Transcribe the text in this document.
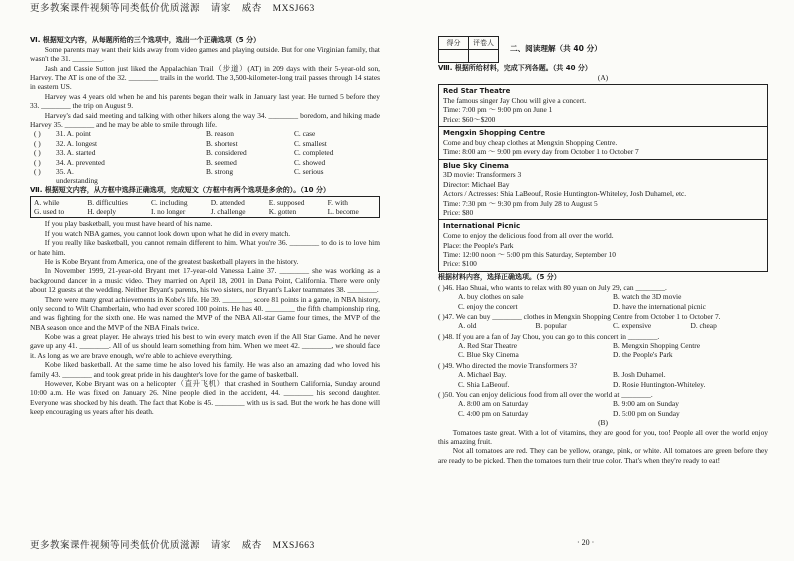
更多教案课件视频等同类低价优质滋源 请家 威杏 MXSJ663
Ⅵ. 根据短文内容，从每题所给的三个选项中，选出一个正确选项（5 分）

Some parents may want their kids away from video games and playing outside. But for one Virginian family, that wasn't the 31. ________.

Jash and Cassie Sutton just liked the Appalachian Trail（步道）(AT) in 209 days with their 5-year-old son, Harvey. The AT is one of the 32. ________ trails in the world. The 3,500-kilometer-long trail passes through 14 states in eastern US.

Harvey was 4 years old when he and his parents began their walk in January last year. He turned 5 before they 33. ________ the trip on August 9.

Harvey's dad said meeting and talking with other hikers along the way 34. ________ boredom, and hiking made Harvey 35. ________ and he may be able to smile through life.

( )	31. A. point	B. reason	C. case
( )	32. A. longest	B. shortest	C. smallest
( )	33. A. started	B. considered	C. completed
( )	34. A. prevented	B. seemed	C. showed
( )	35. A. understanding
B. strong	C. serious
Ⅶ. 根据短文内容，从方框中选择正确选项，完成短文（方框中有两个选项是多余的）。（10 分）
A. while	B. difficulties	C. including	D. attended	E. supposed	F. with
G. used to	H. deeply	I. no longer	J. challenge	K. gotten	L. become

If you play basketball, you must have heard of his name.

If you watch NBA games, you cannot look down upon what he did in every match.

If you really like basketball, you cannot remain different to him. What you're 36. ________ to do is to love him or hate him.

He is Kobe Bryant from America, one of the greatest basketball players in the history.

In November 1999, 21-year-old Bryant met 17-year-old Vanessa Laine 37. ________ she was working as a background dancer in a music video. They married on April 18, 2001 in Dana Point, California. There were only about 12 guests at the wedding. Neither Bryant's parents, his two sisters, nor Bryant's Laker teammates 38. ________.

There were many great achievements in Kobe's life. He 39. ________ score 81 points in a game, in NBA history, only second to Wilt Chamberlain, who had ever scored 100 points. He has 40. ________ the fifth championship ring, and was fighting for the sixth one. He was named the MVP of the NBA All-star Game four times, the MVP of the NBA season once and the MVP of the NBA Finals twice.

Kobe was a great player. He always tried his best to win every match even if the All Star Game. And he never gave up any 41. ________. All of us should learn something from him. When we meet 42. ________, we should face it. As long as we are brave enough, we're able to achieve everything.

Kobe liked basketball. At the same time he also loved his family. He was also an amazing dad who loved his family 43. ________ and took great pride in his daughter's love for the game of basketball.

However, Kobe Bryant was on a helicopter（直升飞机）that crashed in Southern California, Sunday around 10:00 a.m. He was fixed on January 26. Nine people died in the accident, 44. ________ his second daughter. Everyone was shocked by his death. The fact that Kobe is 45. ________ with us is sad. But the work he has done will keep encouraging us years after his death.

得分	评卷人

二、阅读理解（共 40 分）
Ⅷ. 根据所给材料，完成下列各题。（共 40 分）
(A)
Red Star Theatre
The famous singer Jay Chou will give a concert.
Time: 7:00 pm ～ 9:00 pm on June 1
Price: $60～$200
Mengxin Shopping Centre
Come and buy cheap clothes at Mengxin Shopping Centre.
Time: 8:00 am ～ 9:00 pm every day from October 1 to October 7
Blue Sky Cinema
3D movie: Transformers 3
Director: Michael Bay
Actors / Actresses: Shia LaBeouf, Rosie Huntington-Whiteley, Josh Duhamel, etc.
Time: 7:30 pm ～ 9:30 pm from July 28 to August 5
Price: $80
International Picnic
Come to enjoy the delicious food from all over the world.
Place: the People's Park
Time: 12:00 noon ～ 5:00 pm this Saturday, September 10
Price: $100
根据材料内容，选择正确选项。（5 分）
( )46. Hao Shuai, who wants to relax with 80 yuan on July 29, can ________.
A. buy clothes on sale	B. watch the 3D movie
C. enjoy the concert	D. have the international picnic
( )47. We can buy ________ clothes in Mengxin Shopping Centre from October 1 to October 7.
A. old	B. popular	C. expensive	D. cheap
( )48. If you are a fan of Jay Chou, you can go to this concert in ________.
A. Red Star Theatre	B. Mengxin Shopping Centre
C. Blue Sky Cinema	D. the People's Park
( )49. Who directed the movie Transformers 3?
A. Michael Bay.	B. Josh Duhamel.
C. Shia LaBeouf.	D. Rosie Huntington-Whiteley.
( )50. You can enjoy delicious food from all over the world at ________.
A. 8:00 am on Saturday	B. 9:00 am on Sunday
C. 4:00 pm on Saturday	D. 5:00 pm on Sunday
(B)

Tomatoes taste great. With a lot of vitamins, they are good for you, too! People all over the world enjoy this amazing fruit.

Not all tomatoes are red. They can be yellow, orange, pink, or white. All tomatoes are green before they are ready to be picked. Then the tomatoes turn their true color. That's when they're ready to eat!

· 20 ·
更多教案课件视频等同类低价优质滋源 请家 威杏 MXSJ663
